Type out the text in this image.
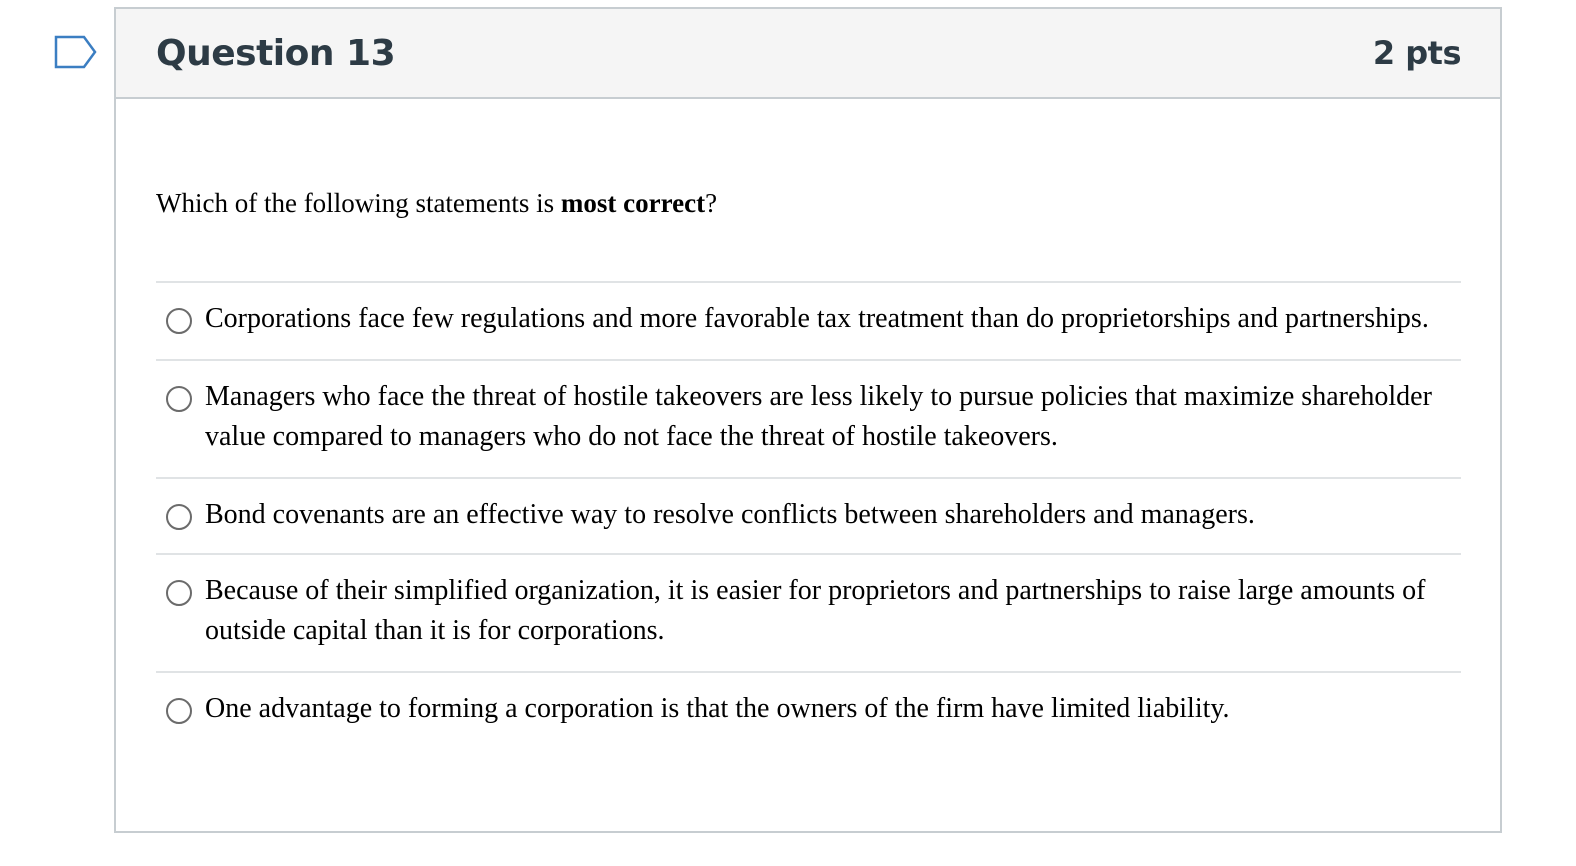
Question 13	2 pts
Which of the following statements is most correct?
Corporations face few regulations and more favorable tax treatment than do proprietorships and partnerships.
Managers who face the threat of hostile takeovers are less likely to pursue policies that maximize shareholder value compared to managers who do not face the threat of hostile takeovers.
Bond covenants are an effective way to resolve conflicts between shareholders and managers.
Because of their simplified organization, it is easier for proprietors and partnerships to raise large amounts of outside capital than it is for corporations.
One advantage to forming a corporation is that the owners of the firm have limited liability.
